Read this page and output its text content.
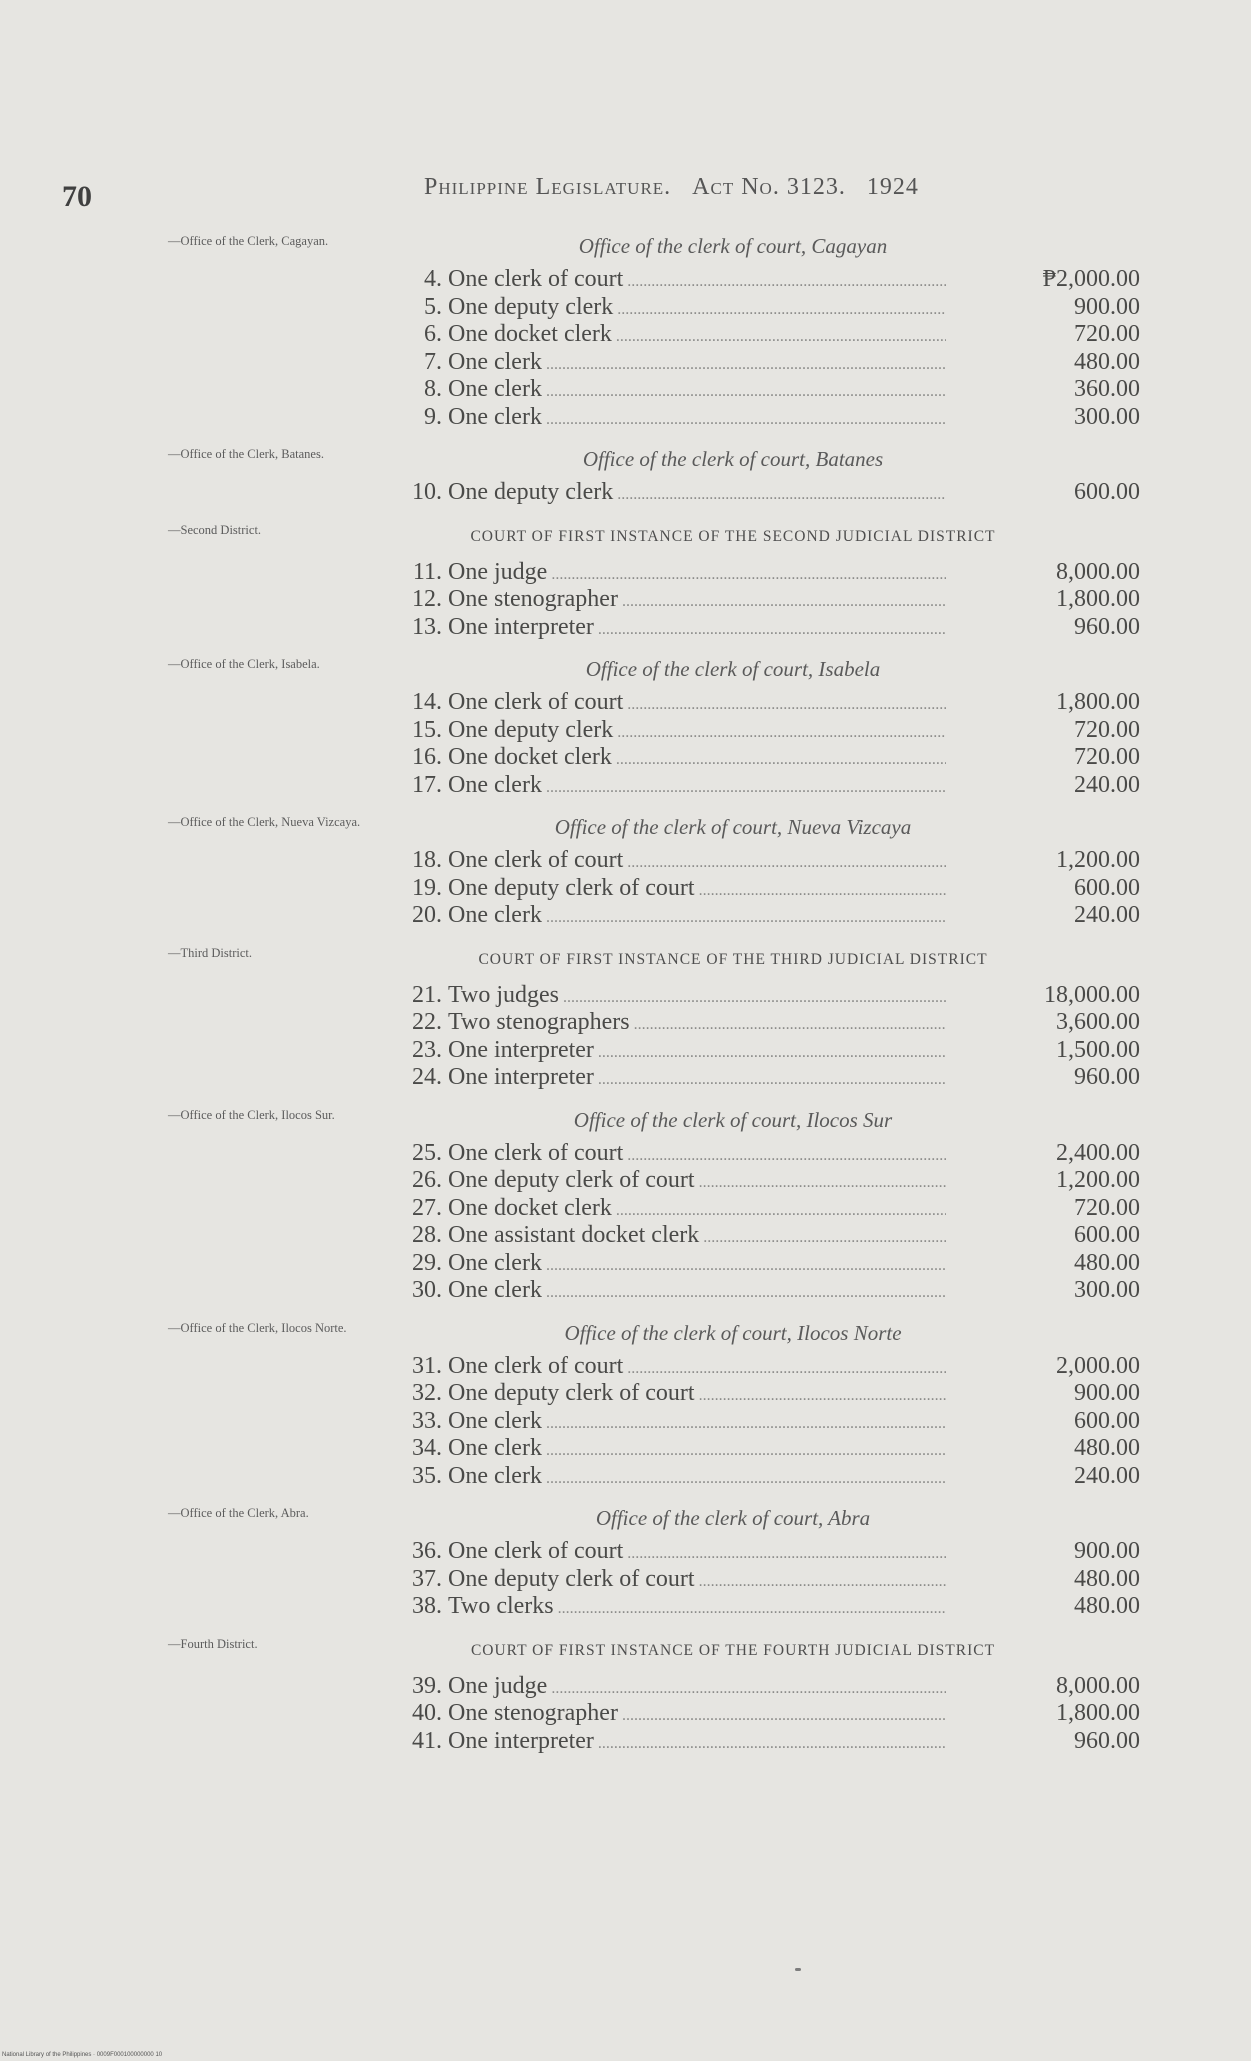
70	Philippine Legislature. Act No. 3123. 1924
—Office of the Clerk, Cagayan.	Office of the clerk of court, Cagayan
4. One clerk of court .....	₱2,000.00
5. One deputy clerk .....	900.00
6. One docket clerk .....	720.00
7. One clerk .....	480.00
8. One clerk .....	360.00
9. One clerk .....	300.00
—Office of the Clerk, Batanes.	Office of the clerk of court, Batanes
10. One deputy clerk .....	600.00
—Second District.	COURT OF FIRST INSTANCE OF THE SECOND JUDICIAL DISTRICT
11. One judge .....	8,000.00
12. One stenographer .....	1,800.00
13. One interpreter .....	960.00
—Office of the Clerk, Isabela.	Office of the clerk of court, Isabela
14. One clerk of court .....	1,800.00
15. One deputy clerk .....	720.00
16. One docket clerk .....	720.00
17. One clerk .....	240.00
—Office of the Clerk, Nueva Vizcaya.	Office of the clerk of court, Nueva Vizcaya
18. One clerk of court .....	1,200.00
19. One deputy clerk of court .....	600.00
20. One clerk .....	240.00
—Third District.	COURT OF FIRST INSTANCE OF THE THIRD JUDICIAL DISTRICT
21. Two judges .....	18,000.00
22. Two stenographers .....	3,600.00
23. One interpreter .....	1,500.00
24. One interpreter .....	960.00
—Office of the Clerk, Ilocos Sur.	Office of the clerk of court, Ilocos Sur
25. One clerk of court .....	2,400.00
26. One deputy clerk of court .....	1,200.00
27. One docket clerk .....	720.00
28. One assistant docket clerk .....	600.00
29. One clerk .....	480.00
30. One clerk .....	300.00
—Office of the Clerk, Ilocos Norte.	Office of the clerk of court, Ilocos Norte
31. One clerk of court .....	2,000.00
32. One deputy clerk of court .....	900.00
33. One clerk .....	600.00
34. One clerk .....	480.00
35. One clerk .....	240.00
—Office of the Clerk, Abra.	Office of the clerk of court, Abra
36. One clerk of court .....	900.00
37. One deputy clerk of court .....	480.00
38. Two clerks .....	480.00
—Fourth District.	COURT OF FIRST INSTANCE OF THE FOURTH JUDICIAL DISTRICT
39. One judge .....	8,000.00
40. One stenographer .....	1,800.00
41. One interpreter .....	960.00
National Library of the Philippines · 0009F000100000000 10
